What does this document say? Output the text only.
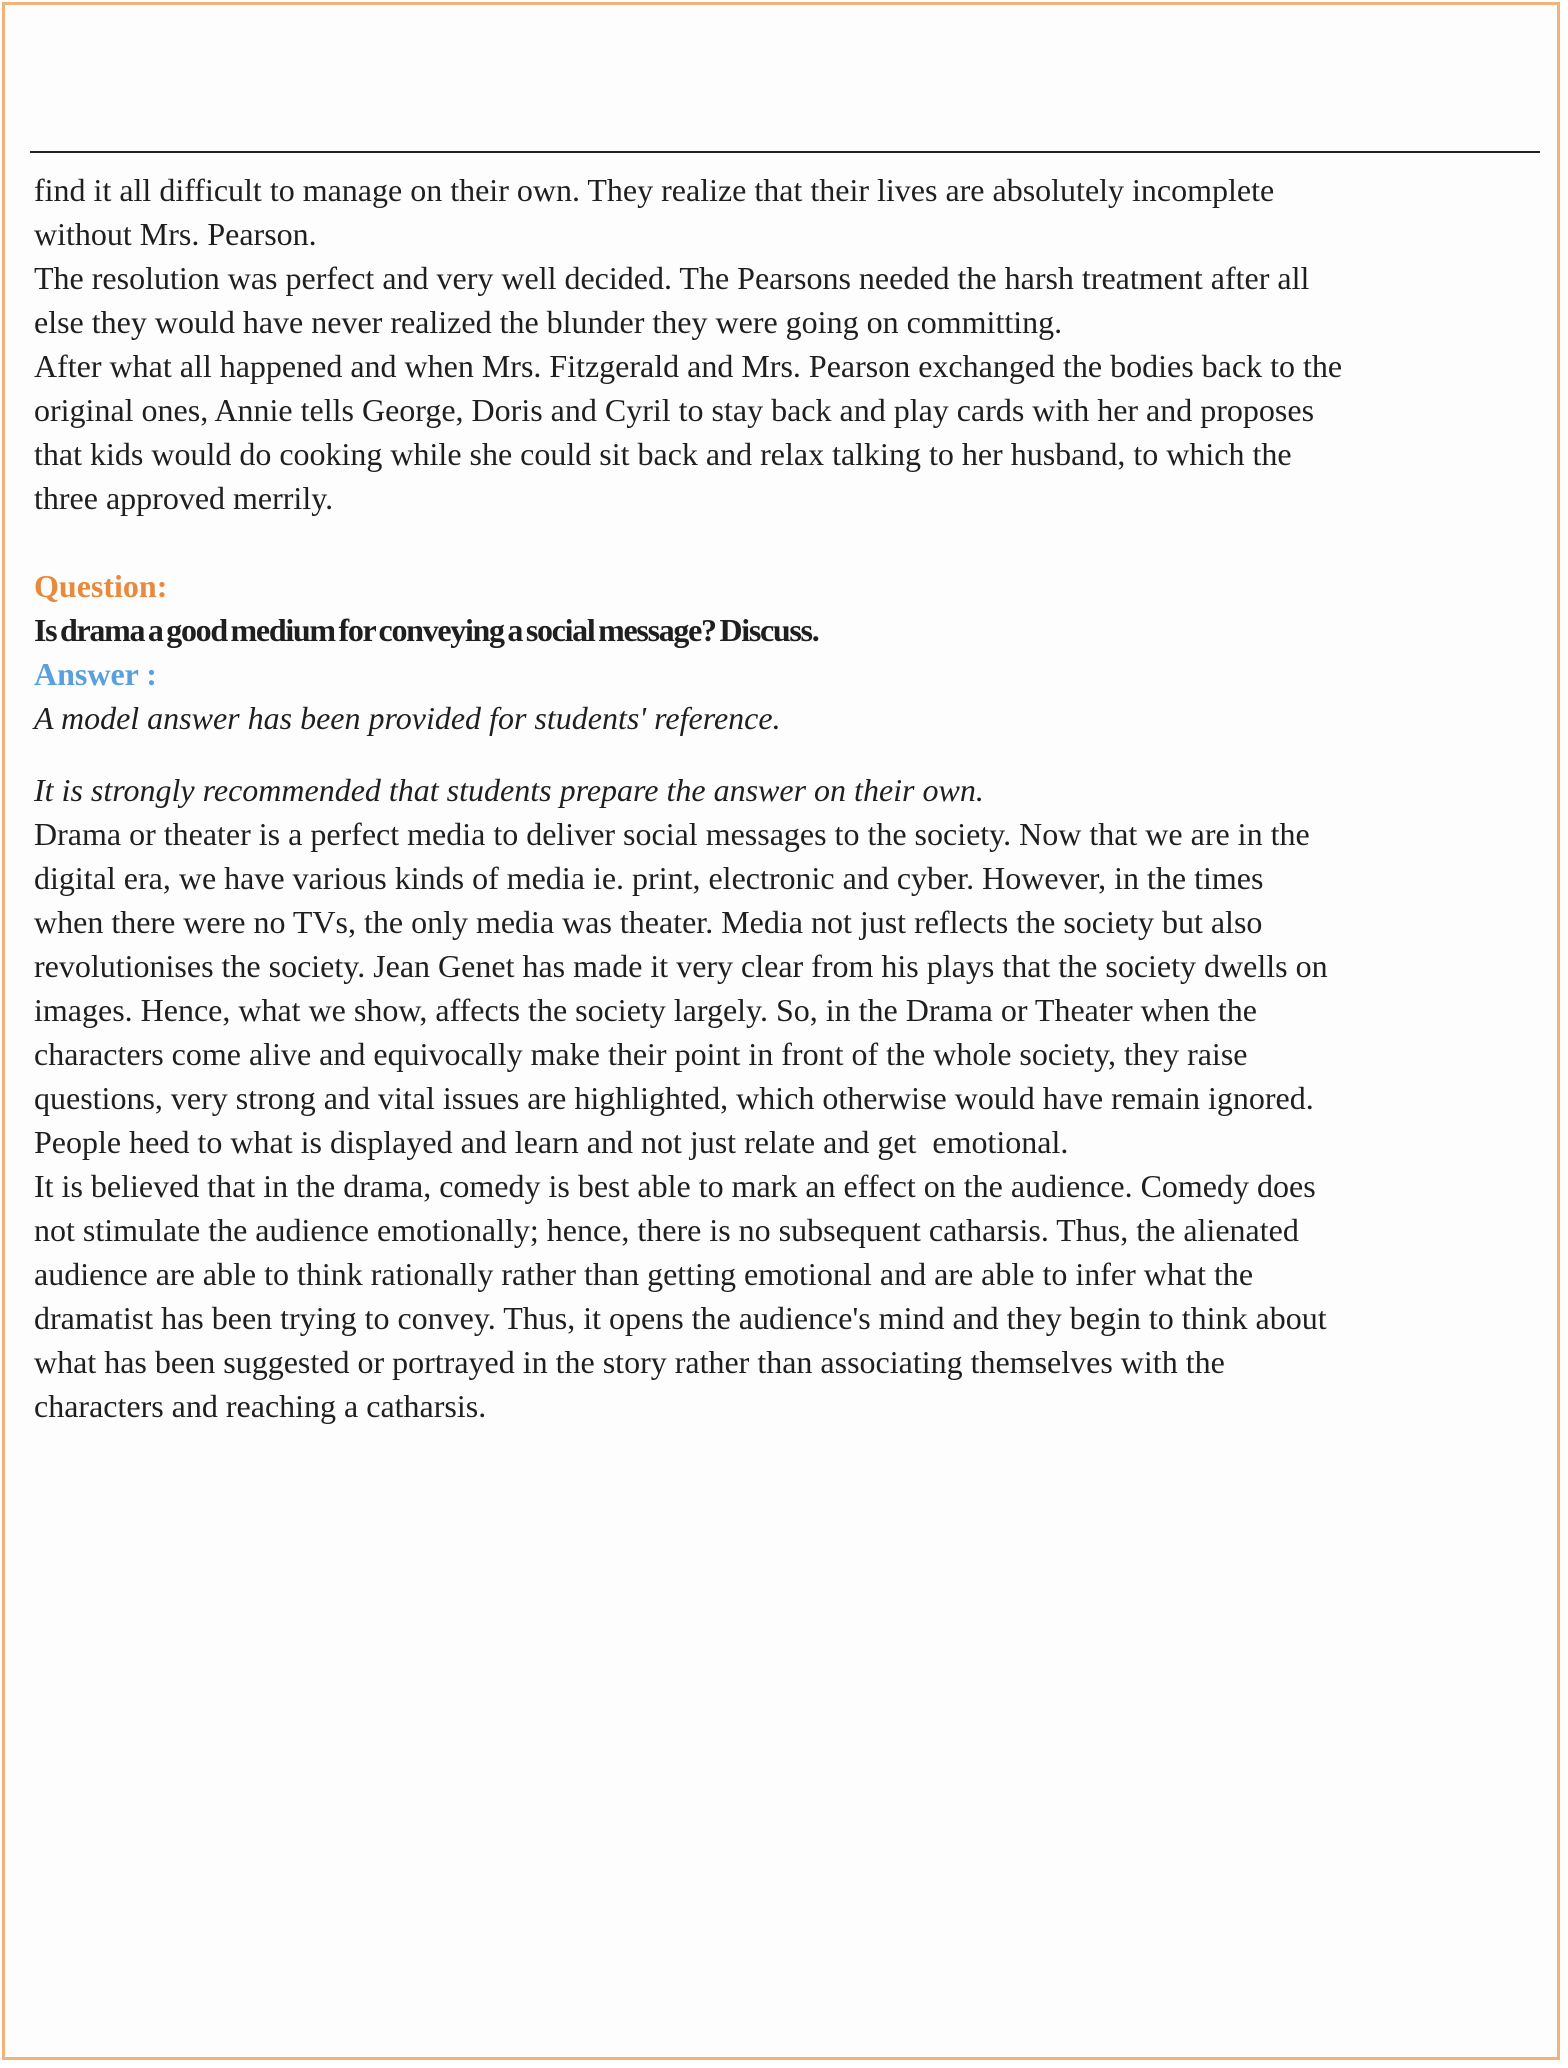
find it all difficult to manage on their own. They realize that their lives are absolutely incomplete
without Mrs. Pearson.

The resolution was perfect and very well decided. The Pearsons needed the harsh treatment after all
else they would have never realized the blunder they were going on committing.

After what all happened and when Mrs. Fitzgerald and Mrs. Pearson exchanged the bodies back to the
original ones, Annie tells George, Doris and Cyril to stay back and play cards with her and proposes
that kids would do cooking while she could sit back and relax talking to her husband, to which the
three approved merrily.

Question:

Is drama a good medium for conveying a social message? Discuss.

Answer :

A model answer has been provided for students' reference.

It is strongly recommended that students prepare the answer on their own.

Drama or theater is a perfect media to deliver social messages to the society. Now that we are in the
digital era, we have various kinds of media ie. print, electronic and cyber. However, in the times
when there were no TVs, the only media was theater. Media not just reflects the society but also
revolutionises the society. Jean Genet has made it very clear from his plays that the society dwells on
images. Hence, what we show, affects the society largely. So, in the Drama or Theater when the
characters come alive and equivocally make their point in front of the whole society, they raise
questions, very strong and vital issues are highlighted, which otherwise would have remain ignored.
People heed to what is displayed and learn and not just relate and get  emotional.

It is believed that in the drama, comedy is best able to mark an effect on the audience. Comedy does
not stimulate the audience emotionally; hence, there is no subsequent catharsis. Thus, the alienated
audience are able to think rationally rather than getting emotional and are able to infer what the
dramatist has been trying to convey. Thus, it opens the audience's mind and they begin to think about
what has been suggested or portrayed in the story rather than associating themselves with the
characters and reaching a catharsis.
